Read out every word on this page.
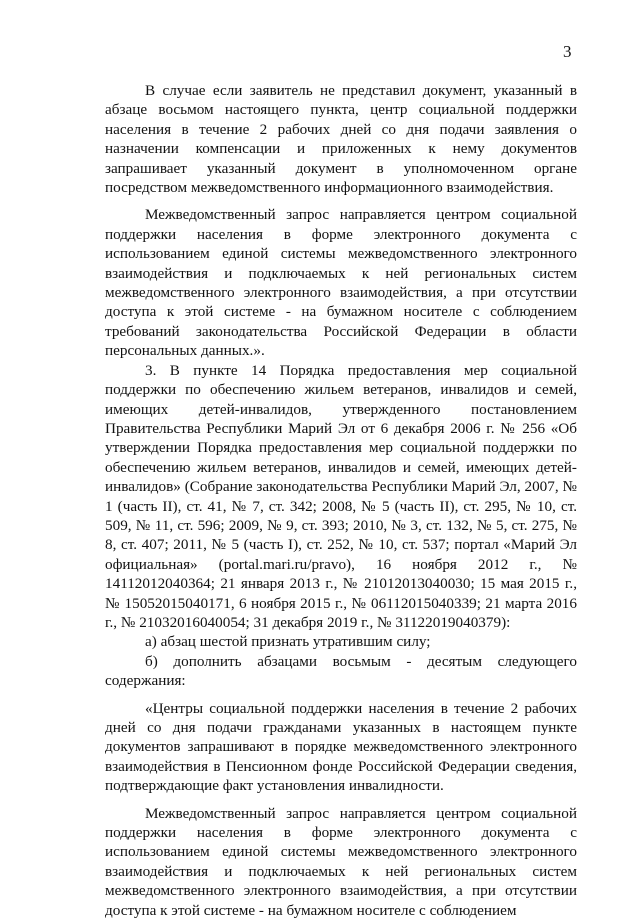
3

В случае если заявитель не представил документ, указанный в абзаце восьмом настоящего пункта, центр социальной поддержки населения в течение 2 рабочих дней со дня подачи заявления о назначении компенсации и приложенных к нему документов запрашивает указанный документ в уполномоченном органе посредством межведомственного информационного взаимодействия.

Межведомственный запрос направляется центром социальной поддержки населения в форме электронного документа с использованием единой системы межведомственного электронного взаимодействия и подключаемых к ней региональных систем межведомственного электронного взаимодействия, а при отсутствии доступа к этой системе - на бумажном носителе с соблюдением требований законодательства Российской Федерации в области персональных данных.».

3. В пункте 14 Порядка предоставления мер социальной поддержки по обеспечению жильем ветеранов, инвалидов и семей, имеющих детей-инвалидов, утвержденного постановлением Правительства Республики Марий Эл от 6 декабря 2006 г. № 256 «Об утверждении Порядка предоставления мер социальной поддержки по обеспечению жильем ветеранов, инвалидов и семей, имеющих детей-инвалидов» (Собрание законодательства Республики Марий Эл, 2007, № 1 (часть II), ст. 41, № 7, ст. 342; 2008, № 5 (часть II), ст. 295, № 10, ст. 509, № 11, ст. 596; 2009, № 9, ст. 393; 2010, № 3, ст. 132, № 5, ст. 275, № 8, ст. 407; 2011, № 5 (часть I), ст. 252, № 10, ст. 537; портал «Марий Эл официальная» (portal.mari.ru/pravo), 16 ноября 2012 г., № 14112012040364; 21 января 2013 г., № 21012013040030; 15 мая 2015 г., № 15052015040171, 6 ноября 2015 г., № 06112015040339; 21 марта 2016 г., № 21032016040054; 31 декабря 2019 г., № 31122019040379):

а) абзац шестой признать утратившим силу;

б) дополнить абзацами восьмым - десятым следующего содержания:

«Центры социальной поддержки населения в течение 2 рабочих дней со дня подачи гражданами указанных в настоящем пункте документов запрашивают в порядке межведомственного электронного взаимодействия в Пенсионном фонде Российской Федерации сведения, подтверждающие факт установления инвалидности.

Межведомственный запрос направляется центром социальной поддержки населения в форме электронного документа с использованием единой системы межведомственного электронного взаимодействия и подключаемых к ней региональных систем межведомственного электронного взаимодействия, а при отсутствии доступа к этой системе - на бумажном носителе с соблюдением
